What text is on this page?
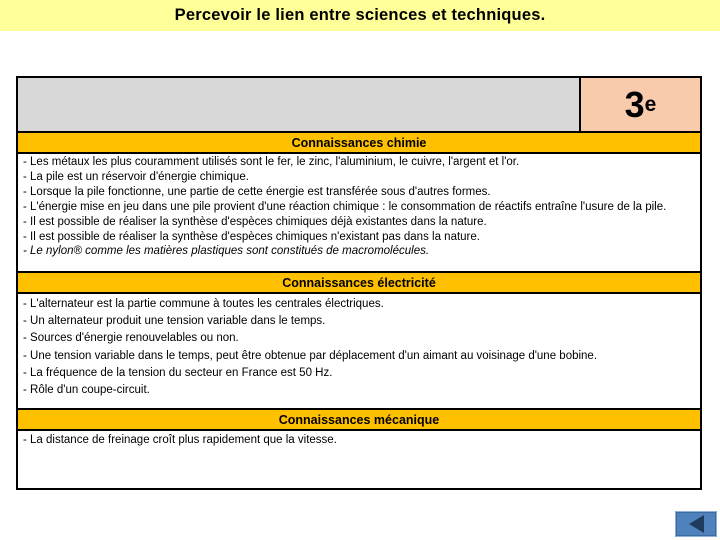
Percevoir le lien entre sciences et techniques.
3 e
Connaissances chimie
- Les métaux les plus couramment utilisés sont le fer, le zinc, l'aluminium, le cuivre, l'argent et l'or.
- La pile est un réservoir d'énergie chimique.
- Lorsque la pile fonctionne, une partie de cette énergie est transférée sous d'autres formes.
- L'énergie mise en jeu dans une pile provient d'une réaction chimique : le consommation de réactifs entraîne l'usure de la pile.
- Il est possible de réaliser la synthèse d'espèces chimiques déjà existantes dans la nature.
- Il est possible de réaliser la synthèse d'espèces chimiques n'existant pas dans la nature.
- Le nylon® comme les matières plastiques sont constitués de macromolécules.
Connaissances électricité
- L'alternateur est la partie commune à toutes les centrales électriques.
- Un alternateur produit une tension variable dans le temps.
- Sources d'énergie renouvelables ou non.
- Une tension variable dans le temps, peut être obtenue par déplacement d'un aimant au voisinage d'une bobine.
- La fréquence de la tension du secteur en France est 50 Hz.
- Rôle d'un coupe-circuit.
Connaissances mécanique
- La distance de freinage croît plus rapidement que la vitesse.
